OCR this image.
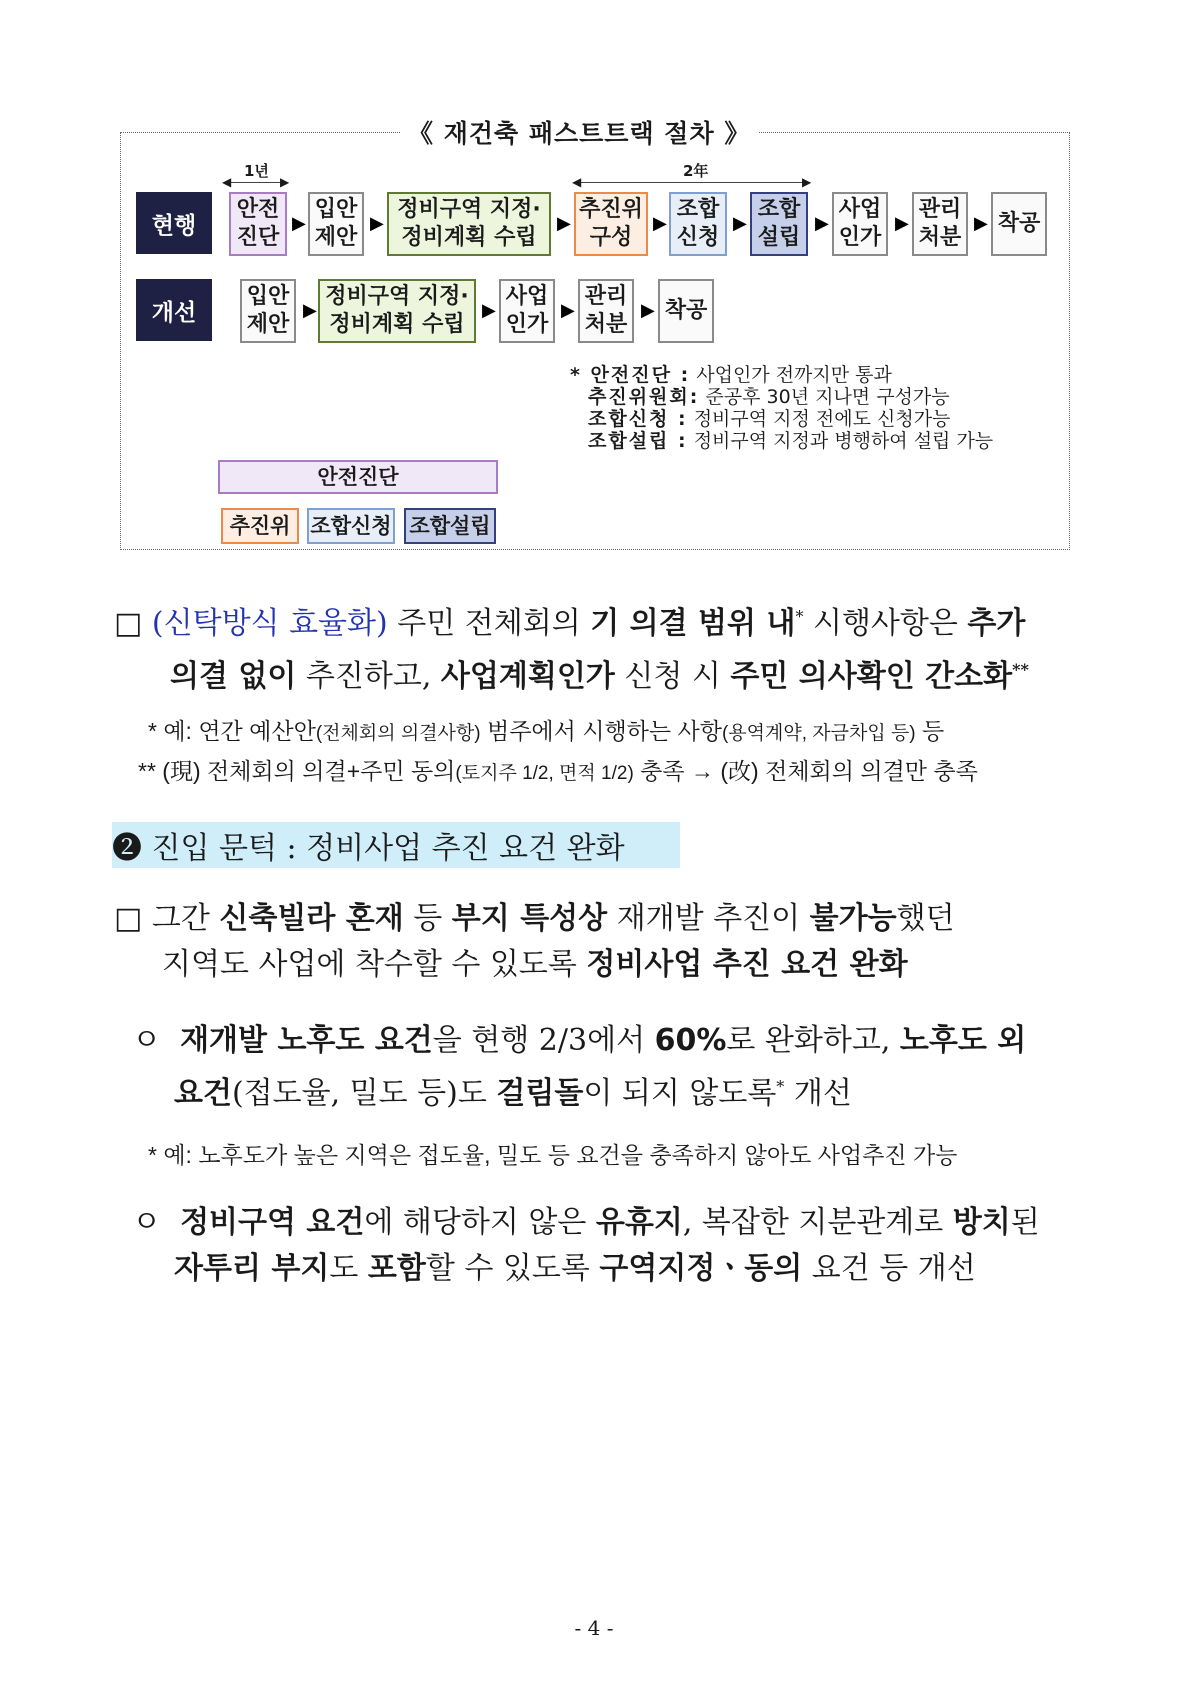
《 재건축 패스트트랙 절차 》
1년
◀	▶
2年
◀	▶
현행
안전
진단
▶
입안
제안
▶
정비구역 지정·
정비계획 수립
▶
추진위
구성
▶
조합
신청
▶
조합
설립
▶
사업
인가
▶
관리
처분
▶ 착공
개선
입안
제안
▶
정비구역 지정·
정비계획 수립
▶
사업
인가
▶
관리
처분
▶ 착공
* 안전진단 : 사업인가 전까지만 통과
추진위원회: 준공후 30년 지나면 구성가능
조합신청 : 정비구역 지정 전에도 신청가능
조합설립 : 정비구역 지정과 병행하여 설립 가능
안전진단
추진위 조합신청 조합설립
□ (신탁방식 효율화) 주민 전체회의 기 의결 범위 내* 시행사항은 추가
의결 없이 추진하고, 사업계획인가 신청 시 주민 의사확인 간소화**
* 예: 연간 예산안(전체회의 의결사항) 범주에서 시행하는 사항(용역계약, 자금차입 등) 등
** (現) 전체회의 의결+주민 동의(토지주 1/2, 면적 1/2) 충족 → (改) 전체회의 의결만 충족
❷ 진입 문턱 : 정비사업 추진 요건 완화
□ 그간 신축빌라 혼재 등 부지 특성상 재개발 추진이 불가능했던
지역도 사업에 착수할 수 있도록 정비사업 추진 요건 완화
ㅇ 재개발 노후도 요건을 현행 2/3에서 60%로 완화하고, 노후도 외
요건(접도율, 밀도 등)도 걸림돌이 되지 않도록* 개선
* 예: 노후도가 높은 지역은 접도율, 밀도 등 요건을 충족하지 않아도 사업추진 가능
ㅇ 정비구역 요건에 해당하지 않은 유휴지, 복잡한 지분관계로 방치된
자투리 부지도 포함할 수 있도록 구역지정ㆍ동의 요건 등 개선
- 4 -
